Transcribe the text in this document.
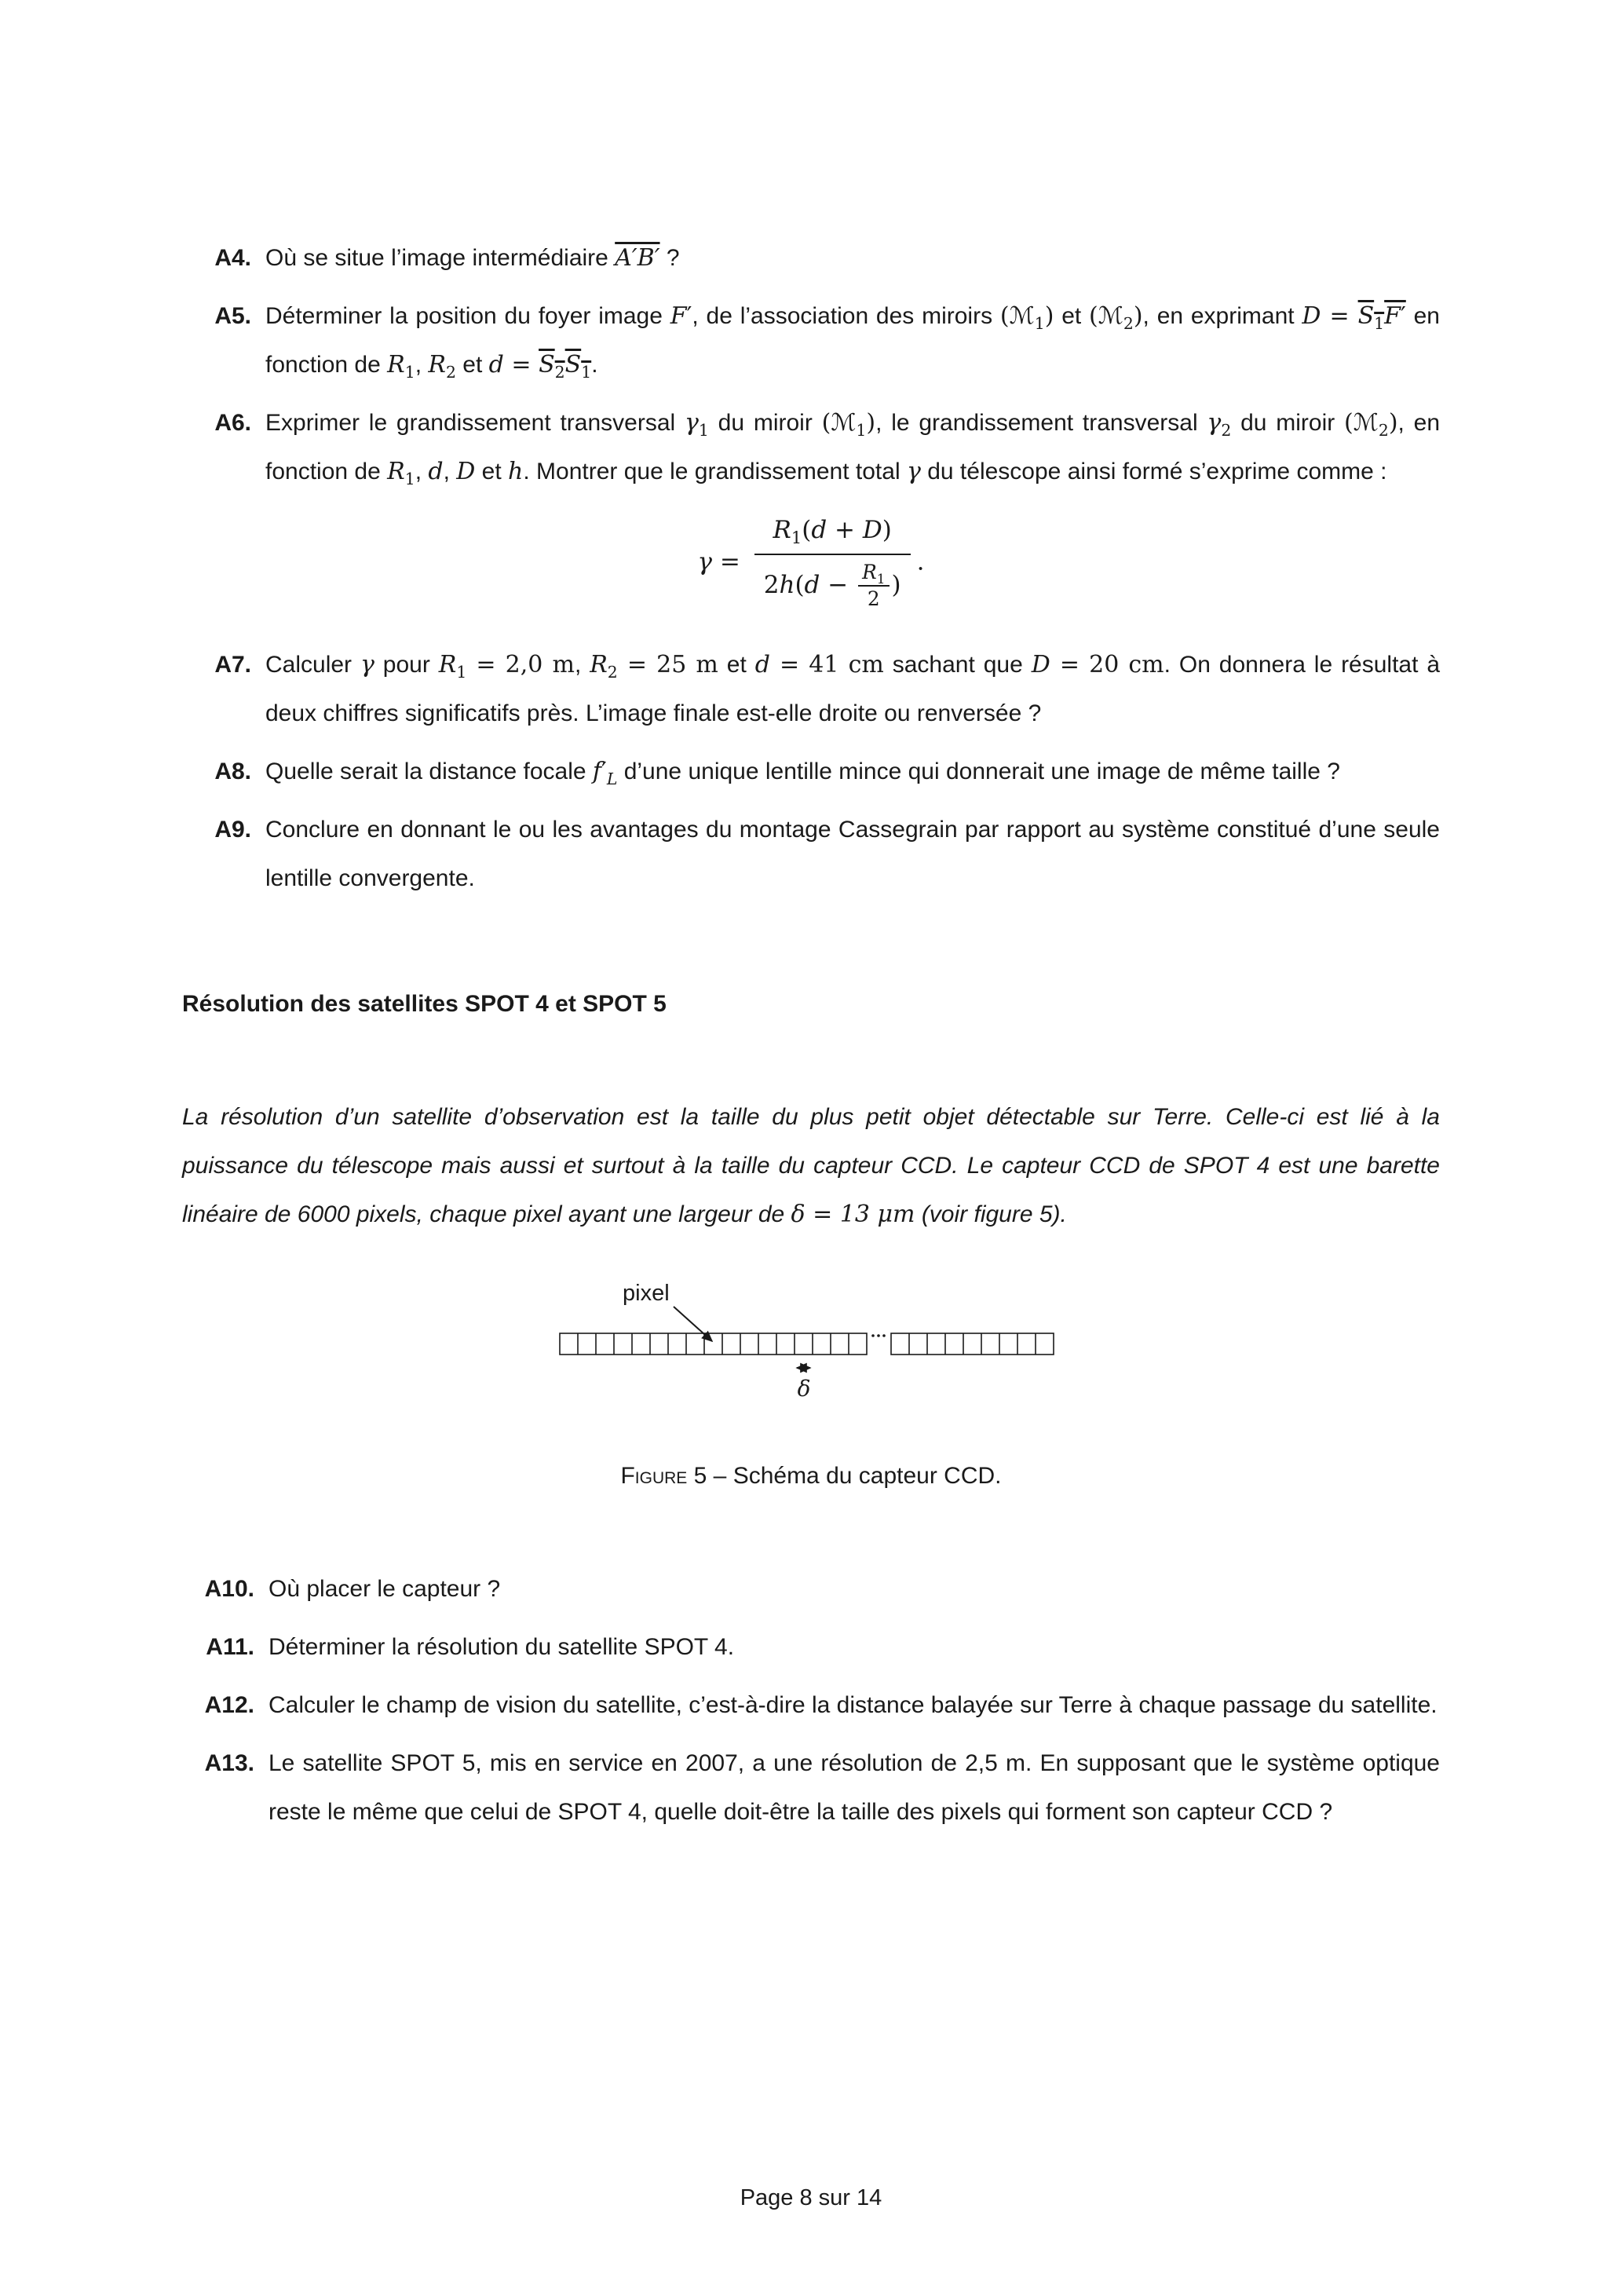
A4. Où se situe l’image intermédiaire A′B′ ?
A5. Déterminer la position du foyer image F′, de l’association des miroirs (ℳ$_1$) et (ℳ$_2$), en exprimant $D = S_1F'$ en fonction de $R_1$, $R_2$ et $d = S_2S_1$.
A6. Exprimer le grandissement transversal $\gamma_1$ du miroir (ℳ$_1$), le grandissement transversal $\gamma_2$ du miroir (ℳ$_2$), en fonction de $R_1$, d, D et h. Montrer que le grandissement total γ du télescope ainsi formé s’exprime comme :
$\gamma = \frac{R_1(d + D)}{2h(d - \frac{R_1}{2} )}$ .
A7. Calculer γ pour $R_1 = 2,0$ m, $R_2 = 25$ m et d = 41 cm sachant que D = 20 cm. On donnera le résultat à deux chiffres significatifs près. L’image finale est-elle droite ou renversée ?
A8. Quelle serait la distance focale $f'_L$ d’une unique lentille mince qui donnerait une image de même taille ?
A9. Conclure en donnant le ou les avantages du montage Cassegrain par rapport au système constitué d’une seule lentille convergente.
Résolution des satellites SPOT 4 et SPOT 5
La résolution d’un satellite d’observation est la taille du plus petit objet détectable sur Terre. Celle-ci est lié à la puissance du télescope mais aussi et surtout à la taille du capteur CCD. Le capteur CCD de SPOT 4 est une barette linéaire de 6000 pixels, chaque pixel ayant une largeur de δ = 13 μm (voir figure 5).
pixel
δ
Figure 5 – Schéma du capteur CCD.
A10. Où placer le capteur ?
A11. Déterminer la résolution du satellite SPOT 4.
A12. Calculer le champ de vision du satellite, c’est-à-dire la distance balayée sur Terre à chaque passage du satellite.
A13. Le satellite SPOT 5, mis en service en 2007, a une résolution de 2,5 m. En supposant que le système optique reste le même que celui de SPOT 4, quelle doit-être la taille des pixels qui forment son capteur CCD ?
Page 8 sur 14
